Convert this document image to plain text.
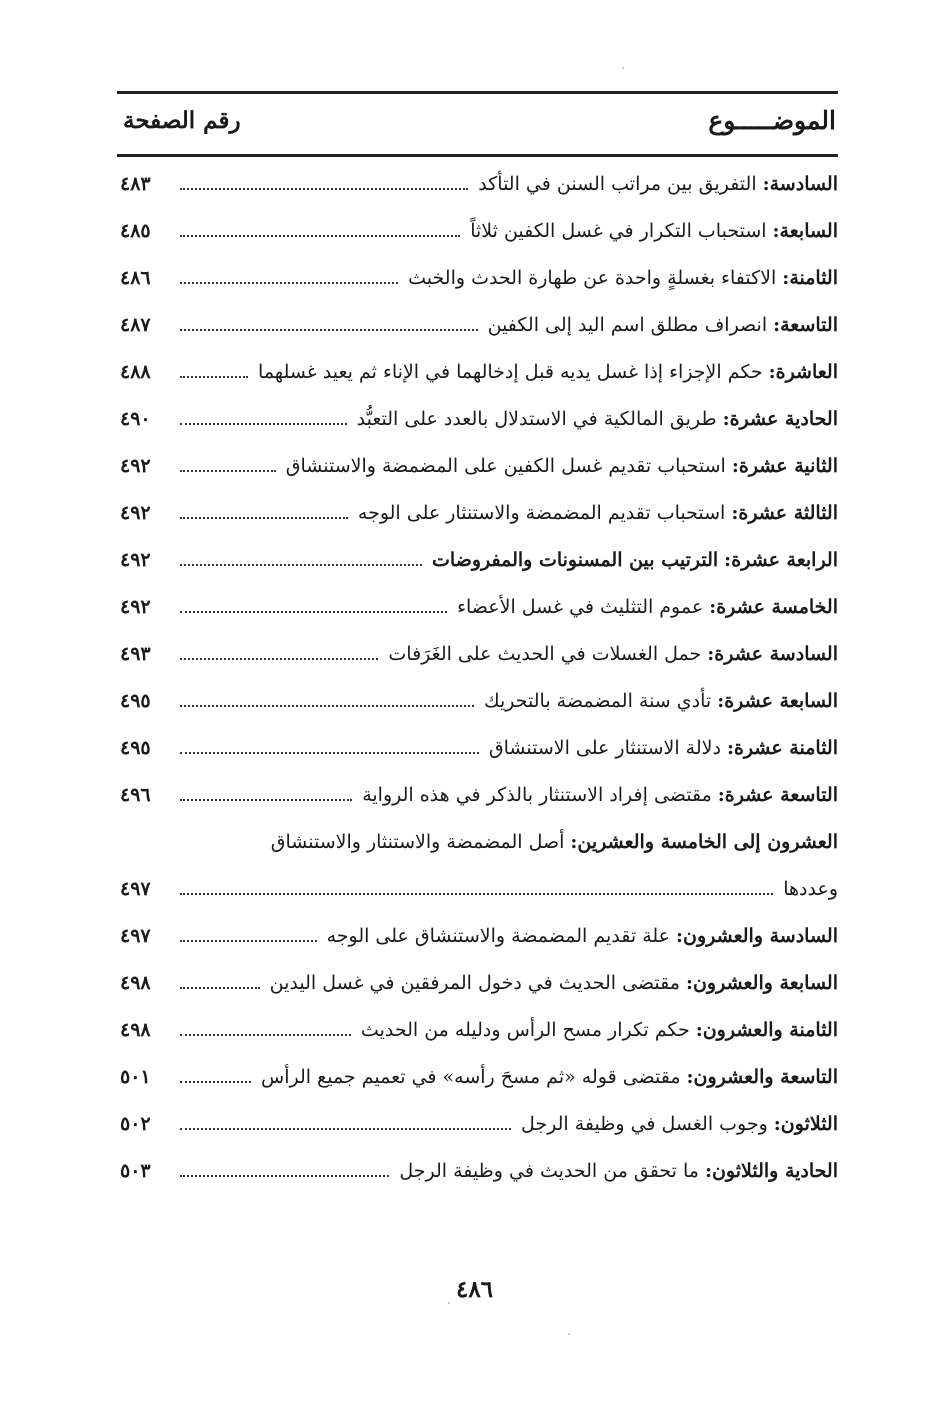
الموضـــــوع
رقم الصفحة
السادسة
:
التفريق بين مراتب السنن في التأكد
٤٨٣
السابعة
:
استحباب التكرار في غسل الكفين ثلاثاً
٤٨٥
الثامنة
:
الاكتفاء بغسلةٍ واحدة عن طهارة الحدث والخبث
٤٨٦
التاسعة
:
انصراف مطلق اسم اليد إلى الكفين
٤٨٧
العاشرة
:
حكم الإجزاء إذا غسل يديه قبل إدخالهما في الإناء ثم يعيد غسلهما
٤٨٨
الحادية عشرة
:
طريق المالكية في الاستدلال بالعدد على التعبُّد
٤٩٠
الثانية عشرة
:
استحباب تقديم غسل الكفين على المضمضة والاستنشاق
٤٩٢
الثالثة عشرة
:
استحباب تقديم المضمضة والاستنثار على الوجه
٤٩٢
الرابعة عشرة
:
الترتيب بين المسنونات والمفروضات
٤٩٢
الخامسة عشرة
:
عموم التثليث في غسل الأعضاء
٤٩٢
السادسة عشرة
:
حمل الغسلات في الحديث على الغَرَفات
٤٩٣
السابعة عشرة
:
تأدي سنة المضمضة بالتحريك
٤٩٥
الثامنة عشرة
:
دلالة الاستنثار على الاستنشاق
٤٩٥
التاسعة عشرة
:
مقتضى إفراد الاستنثار بالذكر في هذه الرواية
٤٩٦
العشرون إلى الخامسة والعشرين
:
أصل المضمضة والاستنثار والاستنشاق
وعددها
٤٩٧
السادسة والعشرون
:
علة تقديم المضمضة والاستنشاق على الوجه
٤٩٧
السابعة والعشرون
:
مقتضى الحديث في دخول المرفقين في غسل اليدين
٤٩٨
الثامنة والعشرون
:
حكم تكرار مسح الرأس ودليله من الحديث
٤٩٨
التاسعة والعشرون
:
مقتضى قوله «ثم مسحَ رأسه» في تعميم جميع الرأس
٥٠١
الثلاثون
:
وجوب الغسل في وظيفة الرجل
٥٠٢
الحادية والثلاثون
:
ما تحقق من الحديث في وظيفة الرجل
٥٠٣
٤٨٦
